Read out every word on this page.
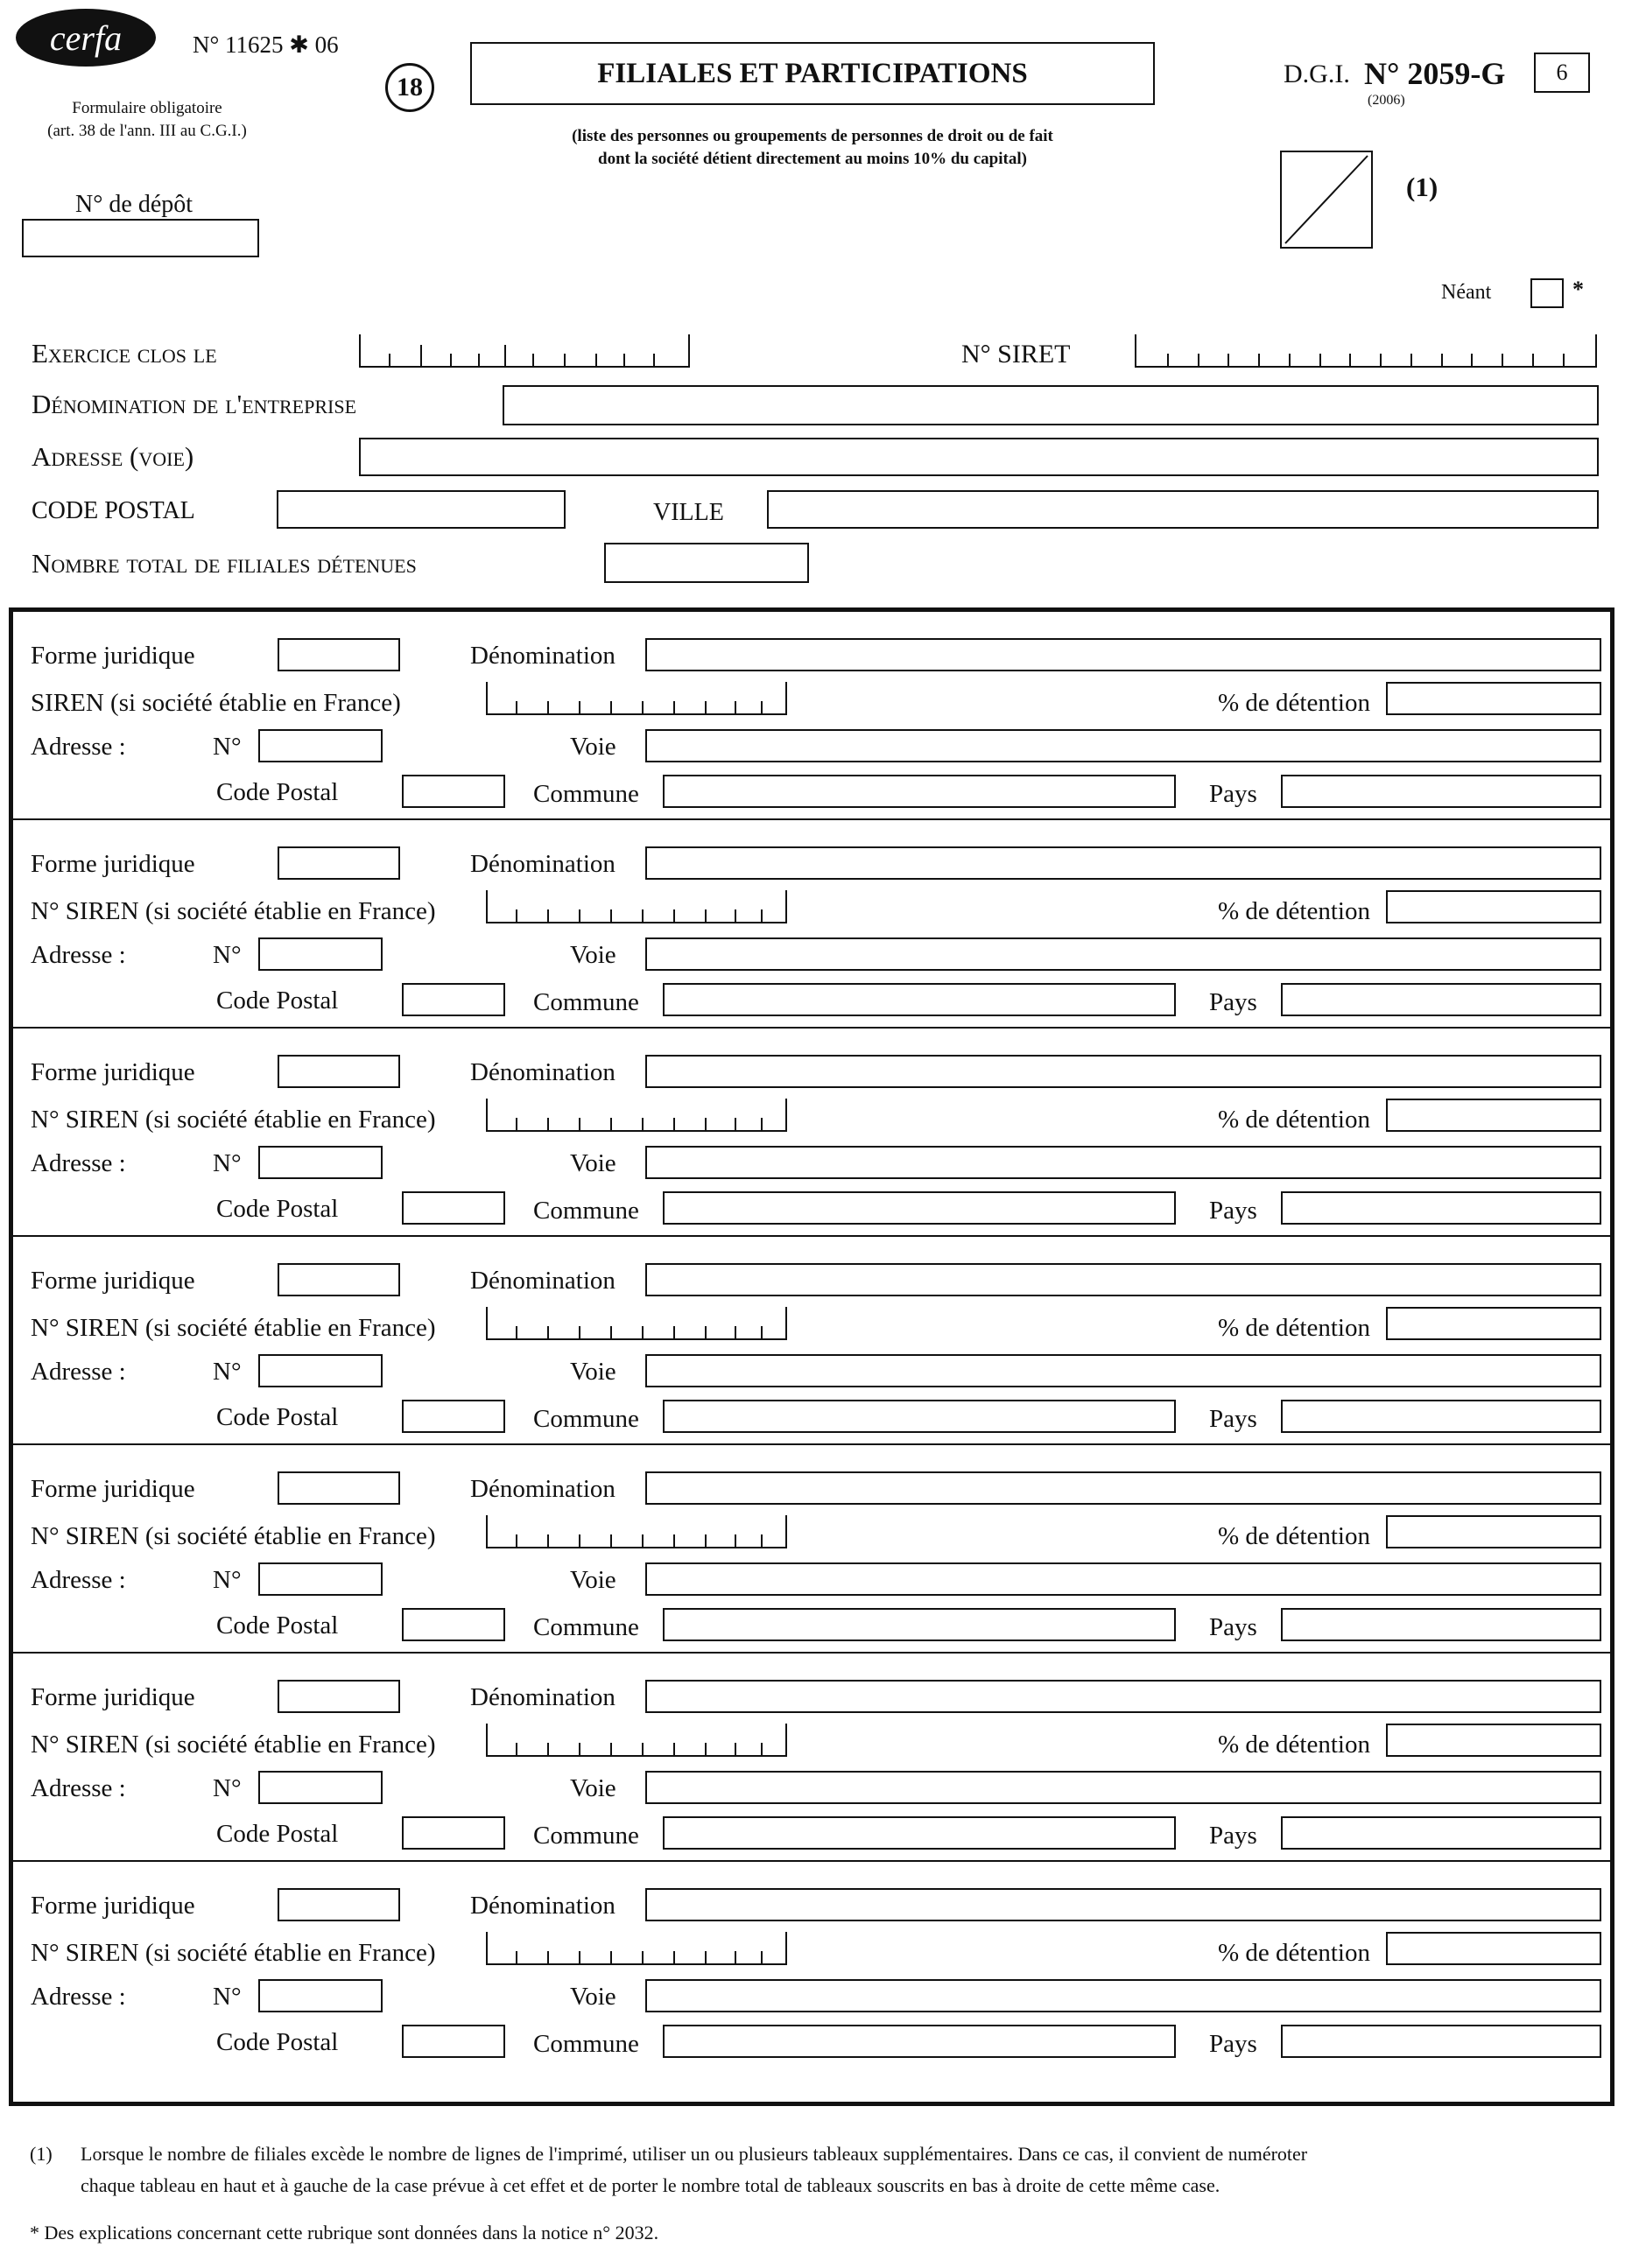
cerfa	N° 11625 ✱ 06
Formulaire obligatoire
(art. 38 de l'ann. III au C.G.I.)
18	FILIALES ET PARTICIPATIONS
(liste des personnes ou groupements de personnes de droit ou de fait
dont la société détient directement au moins 10% du capital)
D.G.I. N° 2059-G
(2006)
6
(1)
N° de dépôt
Néant	*
Exercice clos le	N° SIRET
Dénomination de l'entreprise
Adresse (voie)
CODE POSTAL	VILLE
Nombre total de filiales détenues
Forme juridique	Dénomination
SIREN (si société établie en France)	% de détention
Adresse :	N°	Voie
Code Postal	Commune	Pays
Forme juridique	Dénomination
N° SIREN (si société établie en France)	% de détention
Adresse :	N°	Voie
Code Postal	Commune	Pays
Forme juridique	Dénomination
N° SIREN (si société établie en France)	% de détention
Adresse :	N°	Voie
Code Postal	Commune	Pays
Forme juridique	Dénomination
N° SIREN (si société établie en France)	% de détention
Adresse :	N°	Voie
Code Postal	Commune	Pays
Forme juridique	Dénomination
N° SIREN (si société établie en France)	% de détention
Adresse :	N°	Voie
Code Postal	Commune	Pays
Forme juridique	Dénomination
N° SIREN (si société établie en France)	% de détention
Adresse :	N°	Voie
Code Postal	Commune	Pays
Forme juridique	Dénomination
N° SIREN (si société établie en France)	% de détention
Adresse :	N°	Voie
Code Postal	Commune	Pays
(1) Lorsque le nombre de filiales excède le nombre de lignes de l'imprimé, utiliser un ou plusieurs tableaux supplémentaires. Dans ce cas, il convient de numéroter
chaque tableau en haut et à gauche de la case prévue à cet effet et de porter le nombre total de tableaux souscrits en bas à droite de cette même case.
* Des explications concernant cette rubrique sont données dans la notice n° 2032.
